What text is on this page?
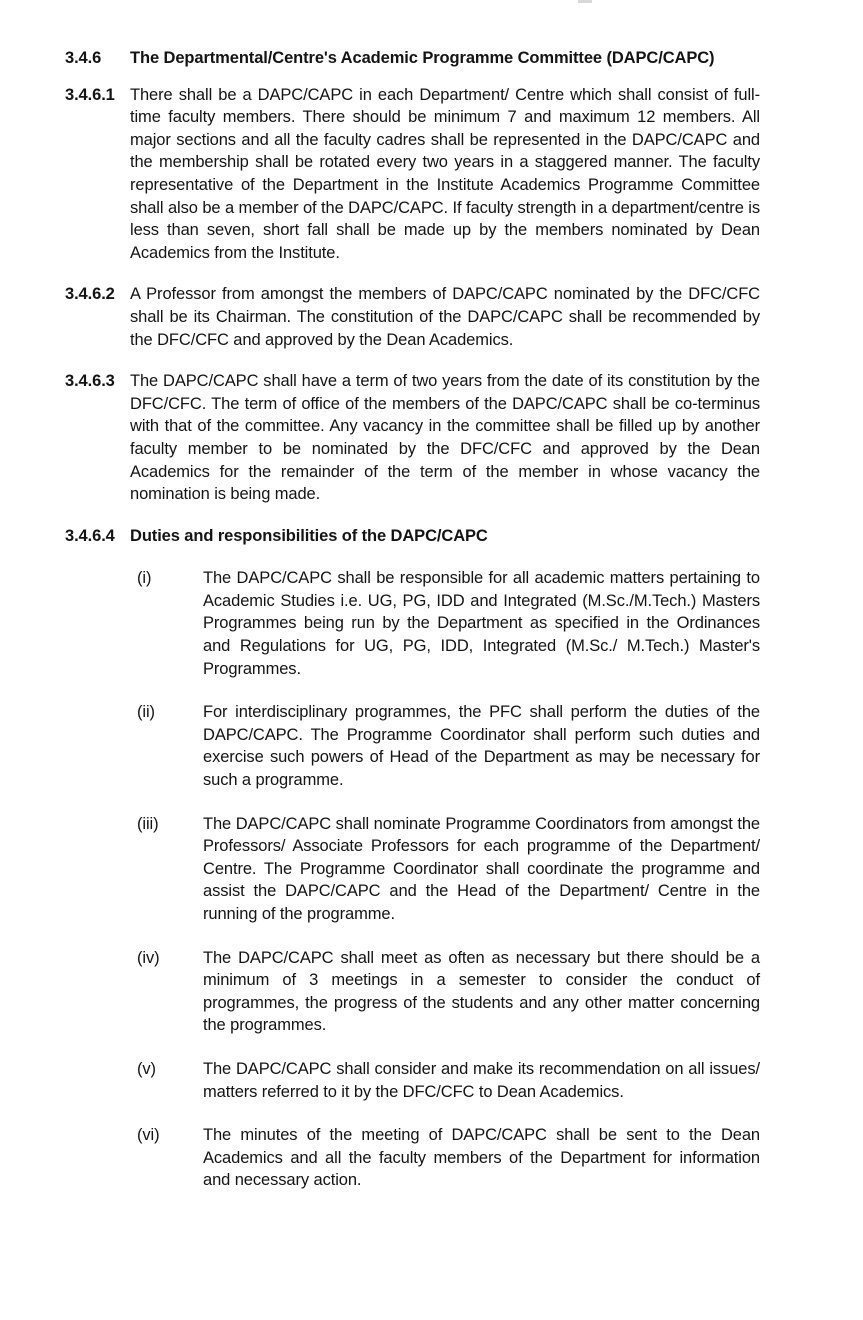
3.4.6	The Departmental/​Centre's Academic Programme Committee (DAPC/​CAPC)
3.4.6.1 There shall be a DAPC/​CAPC in each Department/​ Centre which shall consist of full-time faculty members. There should be minimum 7 and maximum 12 members. All major sections and all the faculty cadres shall be represented in the DAPC/​CAPC and the membership shall be rotated every two years in a staggered manner. The faculty representative of the Department in the Institute Academics Programme Committee shall also be a member of the DAPC/​CAPC. If faculty strength in a department/​centre is less than seven, short fall shall be made up by the members nominated by Dean Academics from the Institute.
3.4.6.2 A Professor from amongst the members of DAPC/​CAPC nominated by the DFC/​CFC shall be its Chairman. The constitution of the DAPC/​CAPC shall be recommended by the DFC/​CFC and approved by the Dean Academics.
3.4.6.3 The DAPC/​CAPC shall have a term of two years from the date of its constitution by the DFC/​CFC. The term of office of the members of the DAPC/​CAPC shall be co-terminus with that of the committee. Any vacancy in the committee shall be filled up by another faculty member to be nominated by the DFC/​CFC and approved by the Dean Academics for the remainder of the term of the member in whose vacancy the nomination is being made.
3.4.6.4 Duties and responsibilities of the DAPC/​CAPC
(i)	The DAPC/​CAPC shall be responsible for all academic matters pertaining to Academic Studies i.e. UG, PG, IDD and Integrated (M.Sc./​M.Tech.) Masters Programmes being run by the Department as specified in the Ordinances and Regulations for UG, PG, IDD, Integrated (M.Sc./​ M.Tech.) Master's Programmes.
(ii)	For interdisciplinary programmes, the PFC shall perform the duties of the DAPC/​CAPC. The Programme Coordinator shall perform such duties and exercise such powers of Head of the Department as may be necessary for such a programme.
(iii)	The DAPC/​CAPC shall nominate Programme Coordinators from amongst the Professors/​ Associate Professors for each programme of the Department/​ Centre. The Programme Coordinator shall coordinate the programme and assist the DAPC/​CAPC and the Head of the Department/​ Centre in the running of the programme.
(iv)	The DAPC/​CAPC shall meet as often as necessary but there should be a minimum of 3 meetings in a semester to consider the conduct of programmes, the progress of the students and any other matter concerning the programmes.
(v)	The DAPC/​CAPC shall consider and make its recommendation on all issues/​ matters referred to it by the DFC/​CFC to Dean Academics.
(vi)	The minutes of the meeting of DAPC/​CAPC shall be sent to the Dean Academics and all the faculty members of the Department for information and necessary action.
